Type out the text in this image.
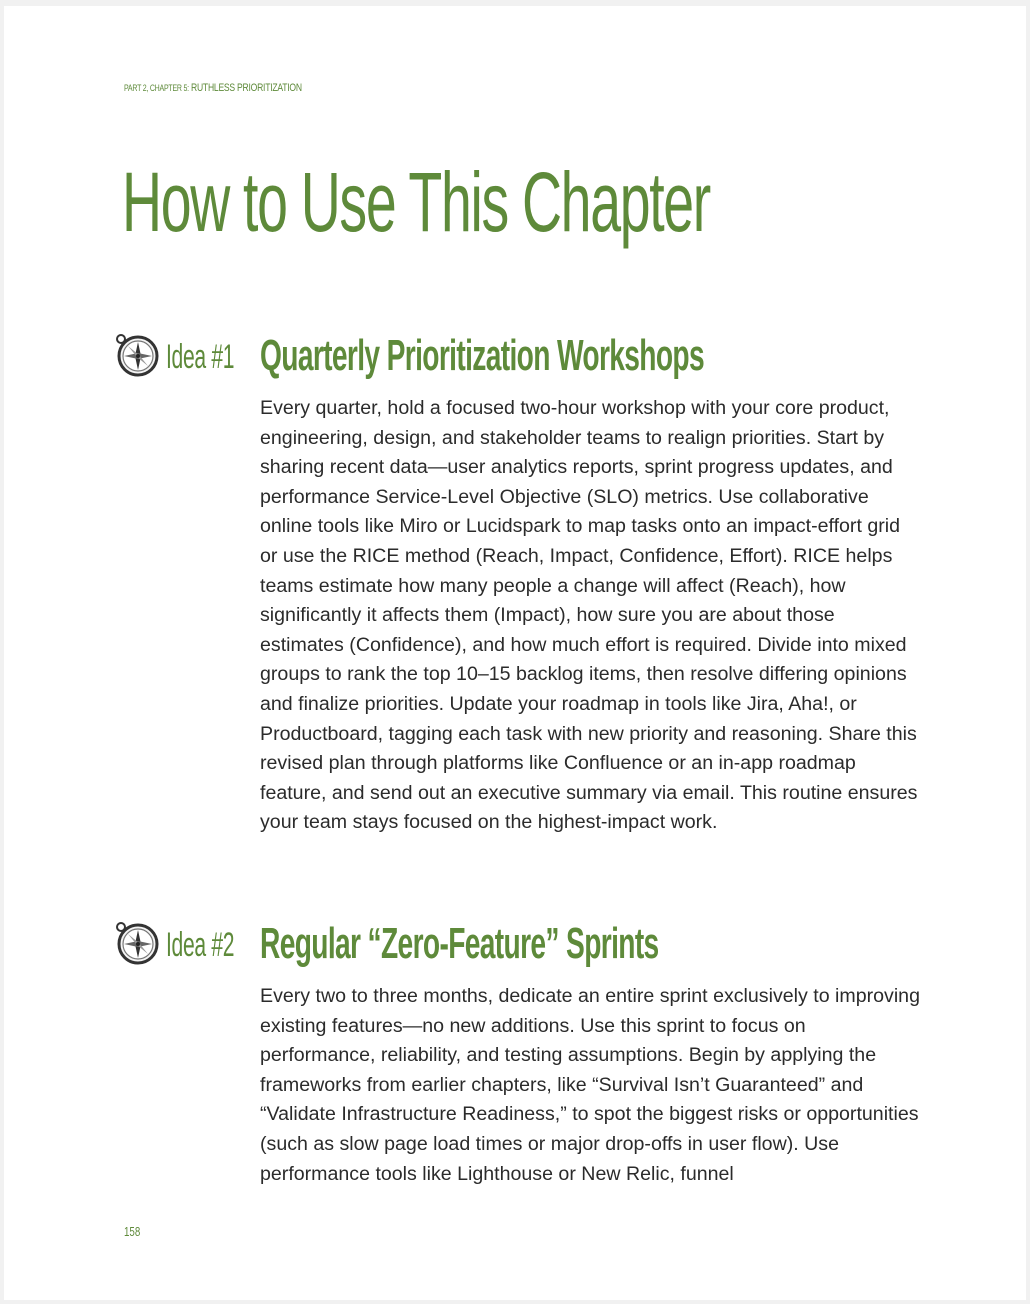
PART 2, CHAPTER 5: RUTHLESS PRIORITIZATION
How to Use This Chapter
Idea #1 Quarterly Prioritization Workshops

Every quarter, hold a focused two-hour workshop with your core product, engineering, design, and stakeholder teams to realign priorities. Start by sharing recent data—user analytics reports, sprint progress updates, and performance Service-Level Objective (SLO) metrics. Use collaborative online tools like Miro or Lucidspark to map tasks onto an impact-effort grid or use the RICE method (Reach, Impact, Confidence, Effort). RICE helps teams estimate how many people a change will affect (Reach), how significantly it affects them (Impact), how sure you are about those estimates (Confidence), and how much effort is required. Divide into mixed groups to rank the top 10–15 backlog items, then resolve differing opinions and finalize priorities. Update your roadmap in tools like Jira, Aha!, or Productboard, tagging each task with new priority and reasoning. Share this revised plan through platforms like Confluence or an in-app roadmap feature, and send out an executive summary via email. This routine ensures your team stays focused on the highest-impact work.

Idea #2 Regular “Zero-Feature” Sprints

Every two to three months, dedicate an entire sprint exclusively to improving existing features—no new additions. Use this sprint to focus on performance, reliability, and testing assumptions. Begin by applying the frameworks from earlier chapters, like “Survival Isn’t Guaranteed” and “Validate Infrastructure Readiness,” to spot the biggest risks or opportunities (such as slow page load times or major drop-offs in user flow). Use performance tools like Lighthouse or New Relic, funnel

158
